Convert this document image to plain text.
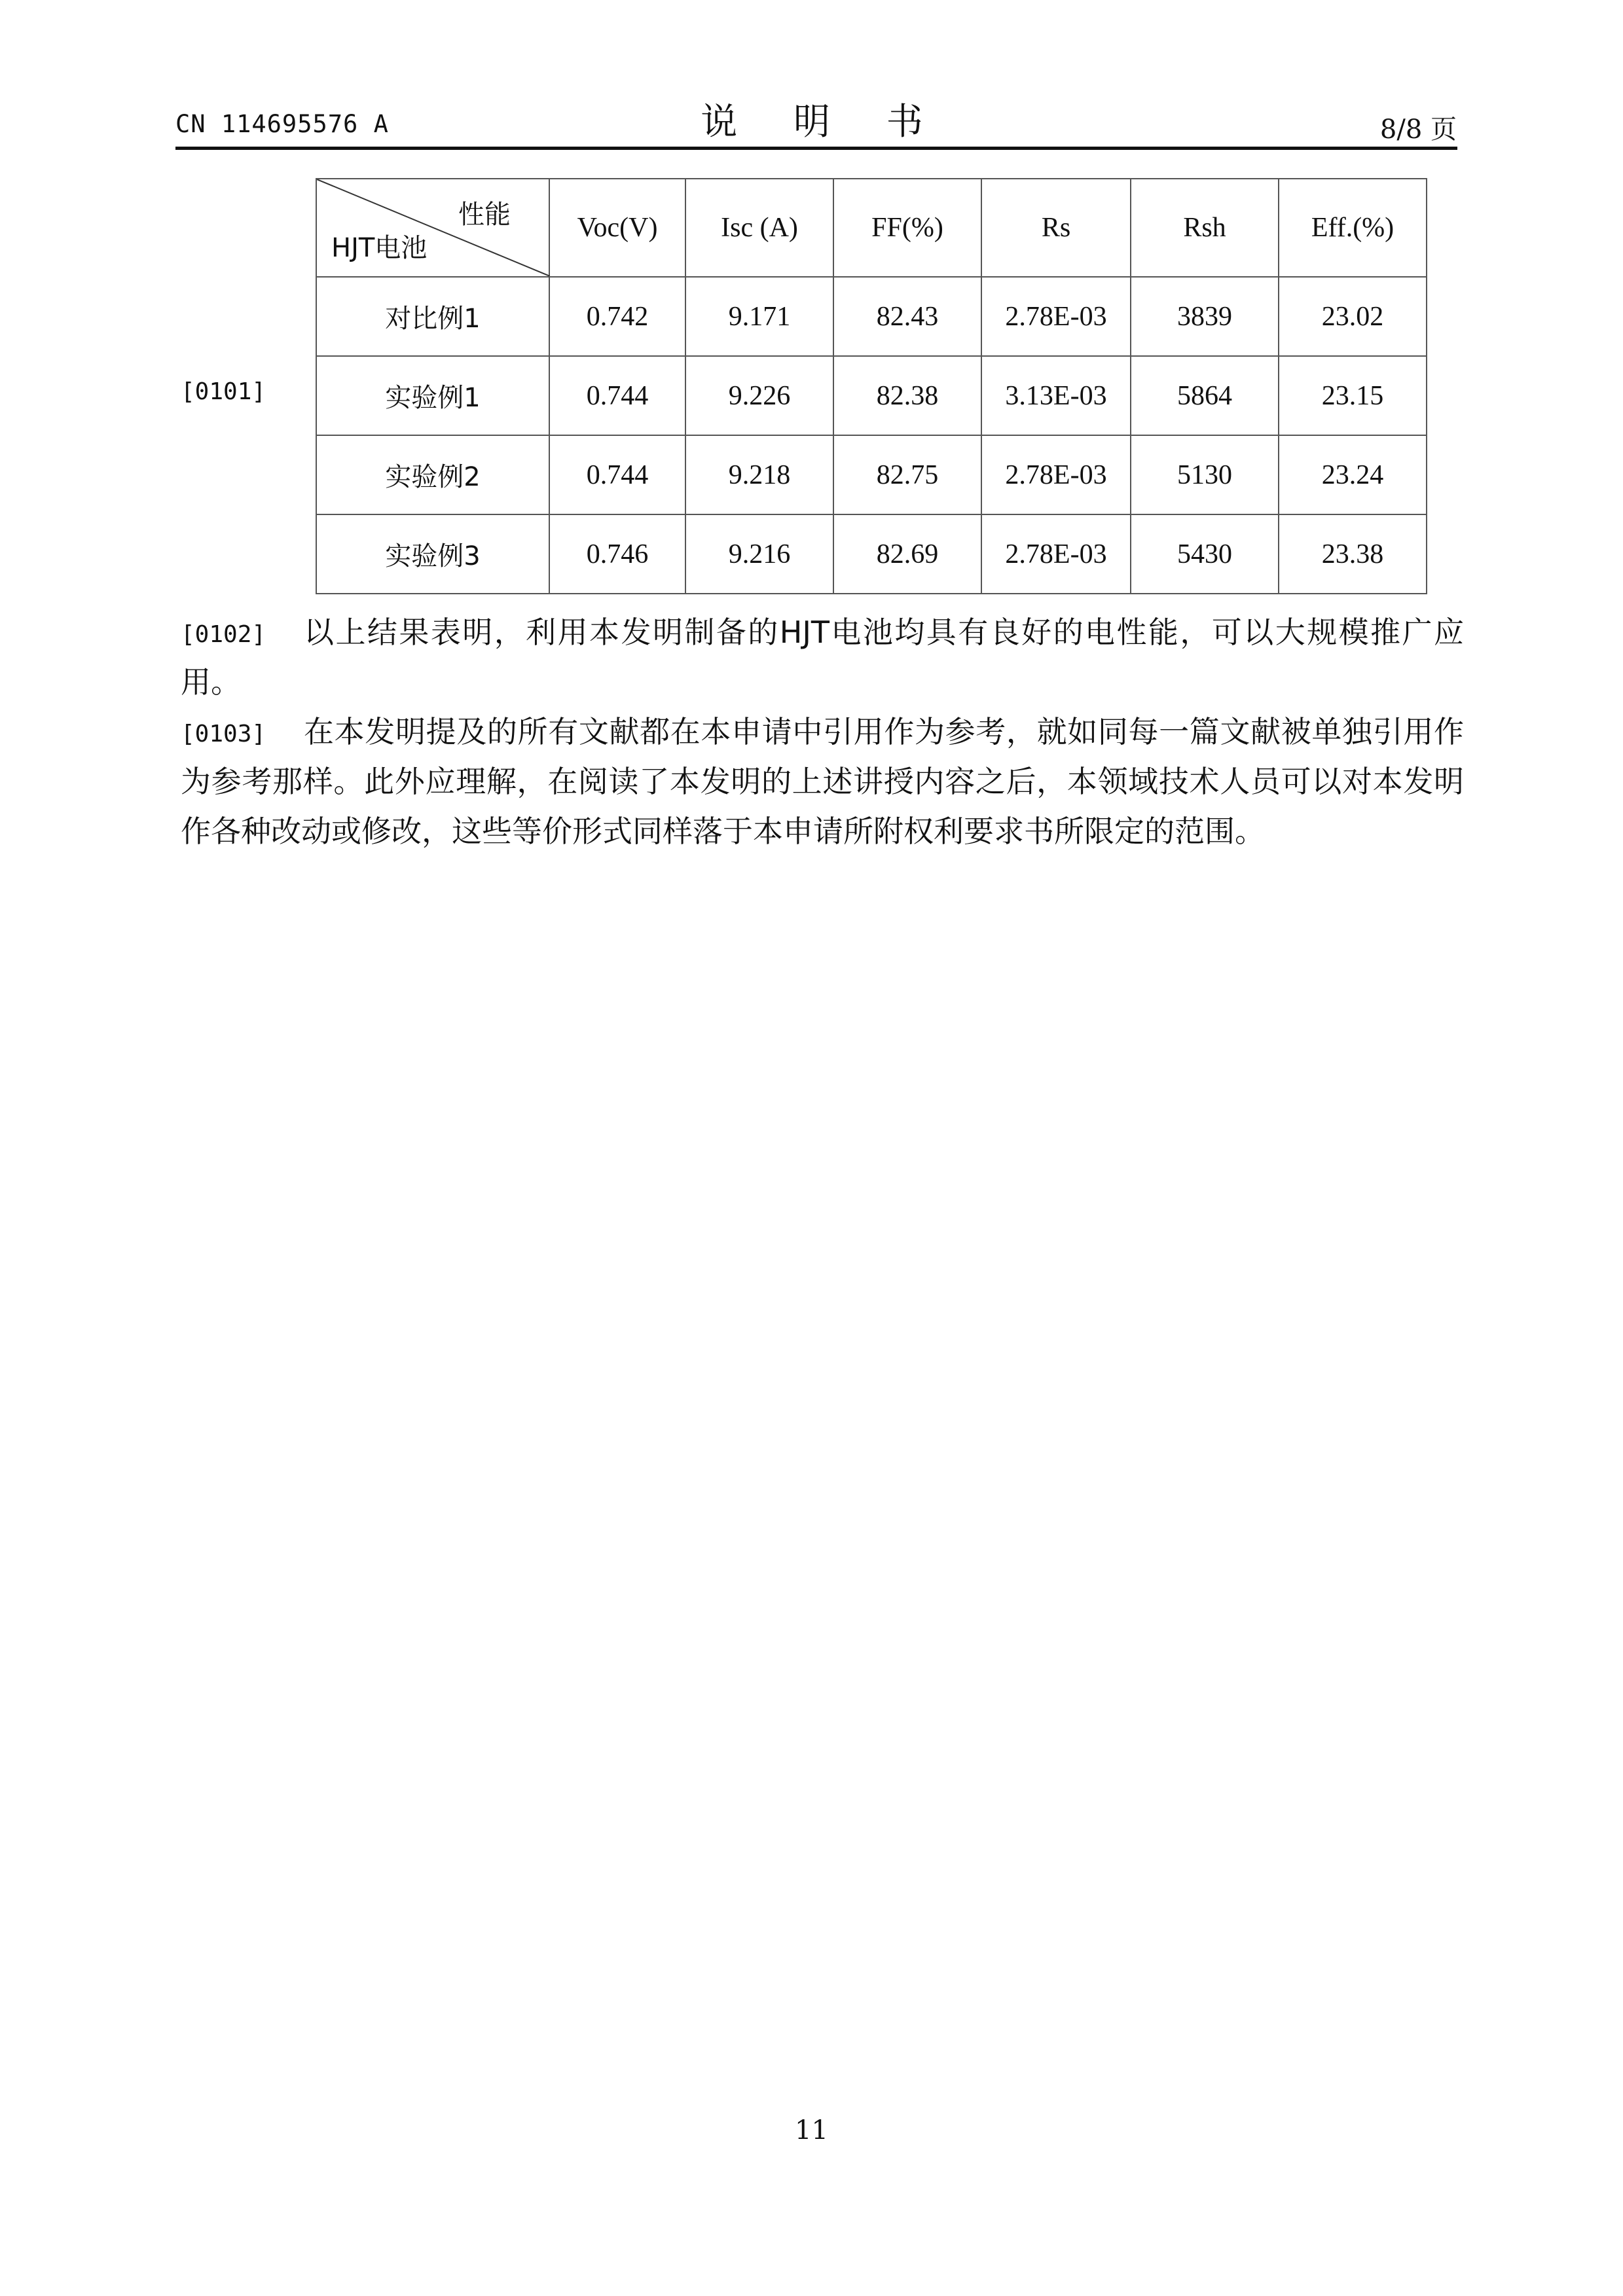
CN 114695576 A	说 明 书	8/8 页
[0101]
性能
HJT电池	Voc(V)	Isc (A)	FF(%)	Rs	Rsh	Eff.(%)
对比例1	0.742	9.171	82.43	2.78E-03	3839	23.02
实验例1	0.744	9.226	82.38	3.13E-03	5864	23.15
实验例2	0.744	9.218	82.75	2.78E-03	5130	23.24
实验例3	0.746	9.216	82.69	2.78E-03	5430	23.38

[0102] 以上结果表明，利用本发明制备的HJT电池均具有良好的电性能，可以大规模推广应用。

[0103] 在本发明提及的所有文献都在本申请中引用作为参考，就如同每一篇文献被单独引用作为参考那样。此外应理解，在阅读了本发明的上述讲授内容之后，本领域技术人员可以对本发明作各种改动或修改，这些等价形式同样落于本申请所附权利要求书所限定的范围。

11
